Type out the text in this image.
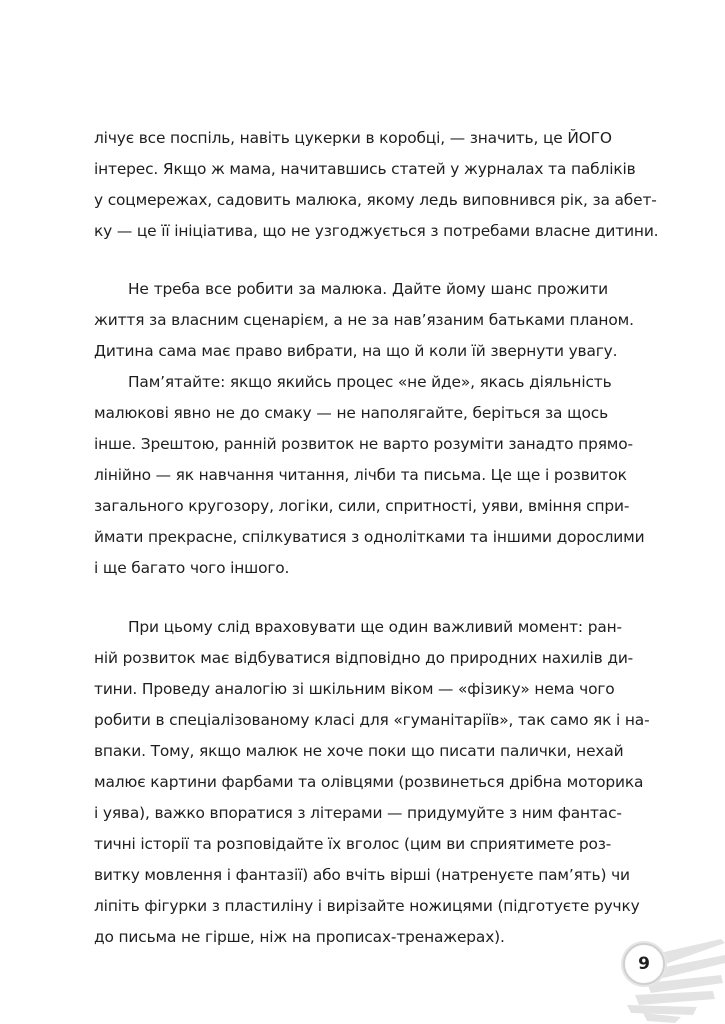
лічує все поспіль, навіть цукерки в коробці, — значить, це ЙОГО
інтерес. Якщо ж мама, начитавшись статей у журналах та пабліків
у соцмережах, садовить малюка, якому ледь виповнився рік, за абет-
ку — це її ініціатива, що не узгоджується з потребами власне дитини.
Не треба все робити за малюка. Дайте йому шанс прожити
життя за власним сценарієм, а не за нав’язаним батьками планом.
Дитина сама має право вибрати, на що й коли їй звернути увагу.
Пам’ятайте: якщо якийсь процес «не йде», якась діяльність
малюкові явно не до смаку — не наполягайте, беріться за щось
інше. Зрештою, ранній розвиток не варто розуміти занадто прямо-
лінійно — як навчання читання, лічби та письма. Це ще і розвиток
загального кругозору, логіки, сили, спритності, уяви, вміння спри-
ймати прекрасне, спілкуватися з однолітками та іншими дорослими
і ще багато чого іншого.
При цьому слід враховувати ще один важливий момент: ран-
ній розвиток має відбуватися відповідно до природних нахилів ди-
тини. Проведу аналогію зі шкільним віком — «фізику» нема чого
робити в спеціалізованому класі для «гуманітаріїв», так само як і на-
впаки. Тому, якщо малюк не хоче поки що писати палички, нехай
малює картини фарбами та олівцями (розвинеться дрібна моторика
і уява), важко впоратися з літерами — придумуйте з ним фантас-
тичні історії та розповідайте їх вголос (цим ви сприятимете роз-
витку мовлення і фантазії) або вчіть вірші (натренуєте пам’ять) чи
ліпіть фігурки з пластиліну і вирізайте ножицями (підготуєте ручку
до письма не гірше, ніж на прописах-тренажерах).
9
